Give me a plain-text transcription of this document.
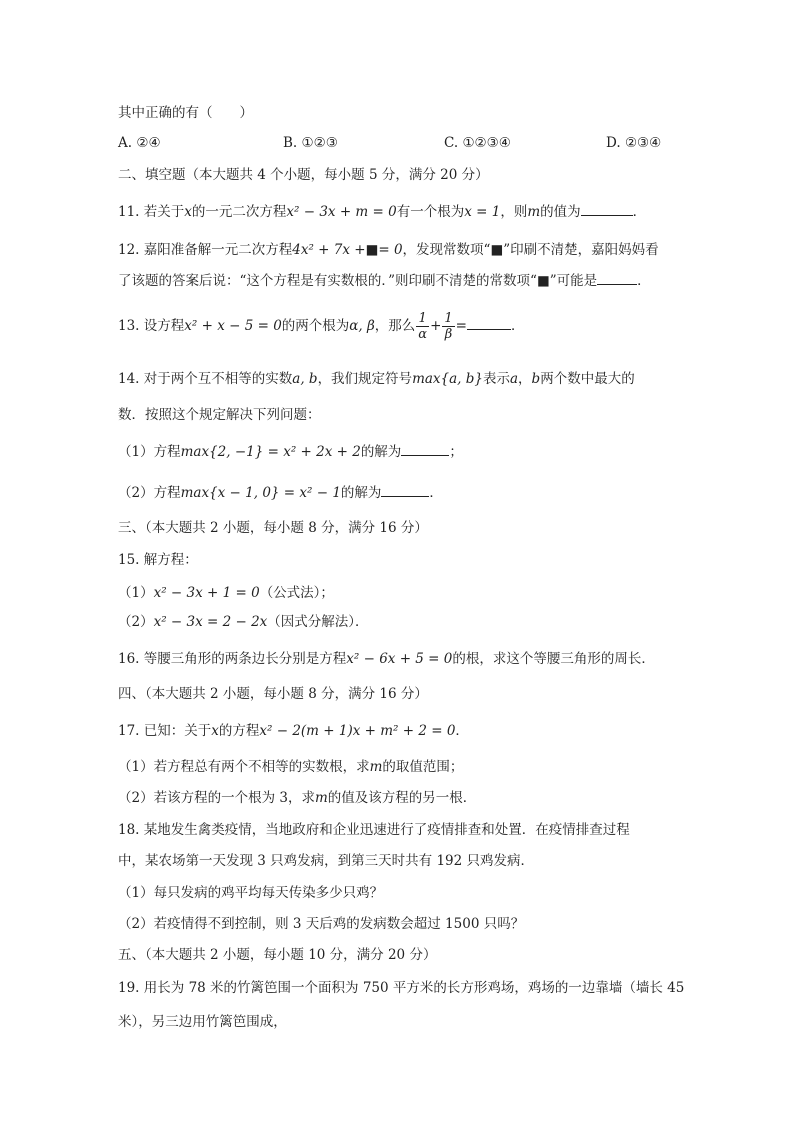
其中正确的有（　　）
A. ②④	B. ①②③	C. ①②③④	D. ②③④
二、填空题（本大题共 4 个小题，每小题 5 分，满分 20 分）
11. 若关于x的一元二次方程x² − 3x + m = 0有一个根为x = 1，则m的值为	．
12. 嘉阳准备解一元二次方程4x² + 7x +■= 0，发现常数项“■”印刷不清楚，嘉阳妈妈看
了该题的答案后说：“这个方程是有实数根的．”则印刷不清楚的常数项“■”可能是	．
13. 设方程x² + x − 5 = 0的两个根为α, β，那么 $\frac{1}{\alpha} + \frac{1}{\beta}$ =	．
14. 对于两个互不相等的实数a, b，我们规定符号max{a, b}表示a，b两个数中最大的
数．按照这个规定解决下列问题：
（1）方程max{2, −1} = x² + 2x + 2的解为	；
（2）方程max{x − 1, 0} = x² − 1的解为	．
三、（本大题共 2 小题，每小题 8 分，满分 16 分）
15. 解方程：
（1）x² − 3x + 1 = 0（公式法）；
（2）x² − 3x = 2 − 2x（因式分解法）．
16. 等腰三角形的两条边长分别是方程x² − 6x + 5 = 0的根，求这个等腰三角形的周长．
四、（本大题共 2 小题，每小题 8 分，满分 16 分）
17. 已知：关于x的方程x² − 2(m + 1)x + m² + 2 = 0．
（1）若方程总有两个不相等的实数根，求m的取值范围；
（2）若该方程的一个根为 3，求m的值及该方程的另一根．
18. 某地发生禽类疫情，当地政府和企业迅速进行了疫情排查和处置．在疫情排查过程
中，某农场第一天发现 3 只鸡发病，到第三天时共有 192 只鸡发病．
（1）每只发病的鸡平均每天传染多少只鸡？
（2）若疫情得不到控制，则 3 天后鸡的发病数会超过 1500 只吗？
五、（本大题共 2 小题，每小题 10 分，满分 20 分）
19. 用长为 78 米的竹篱笆围一个面积为 750 平方米的长方形鸡场，鸡场的一边靠墙（墙长 45
米），另三边用竹篱笆围成，
